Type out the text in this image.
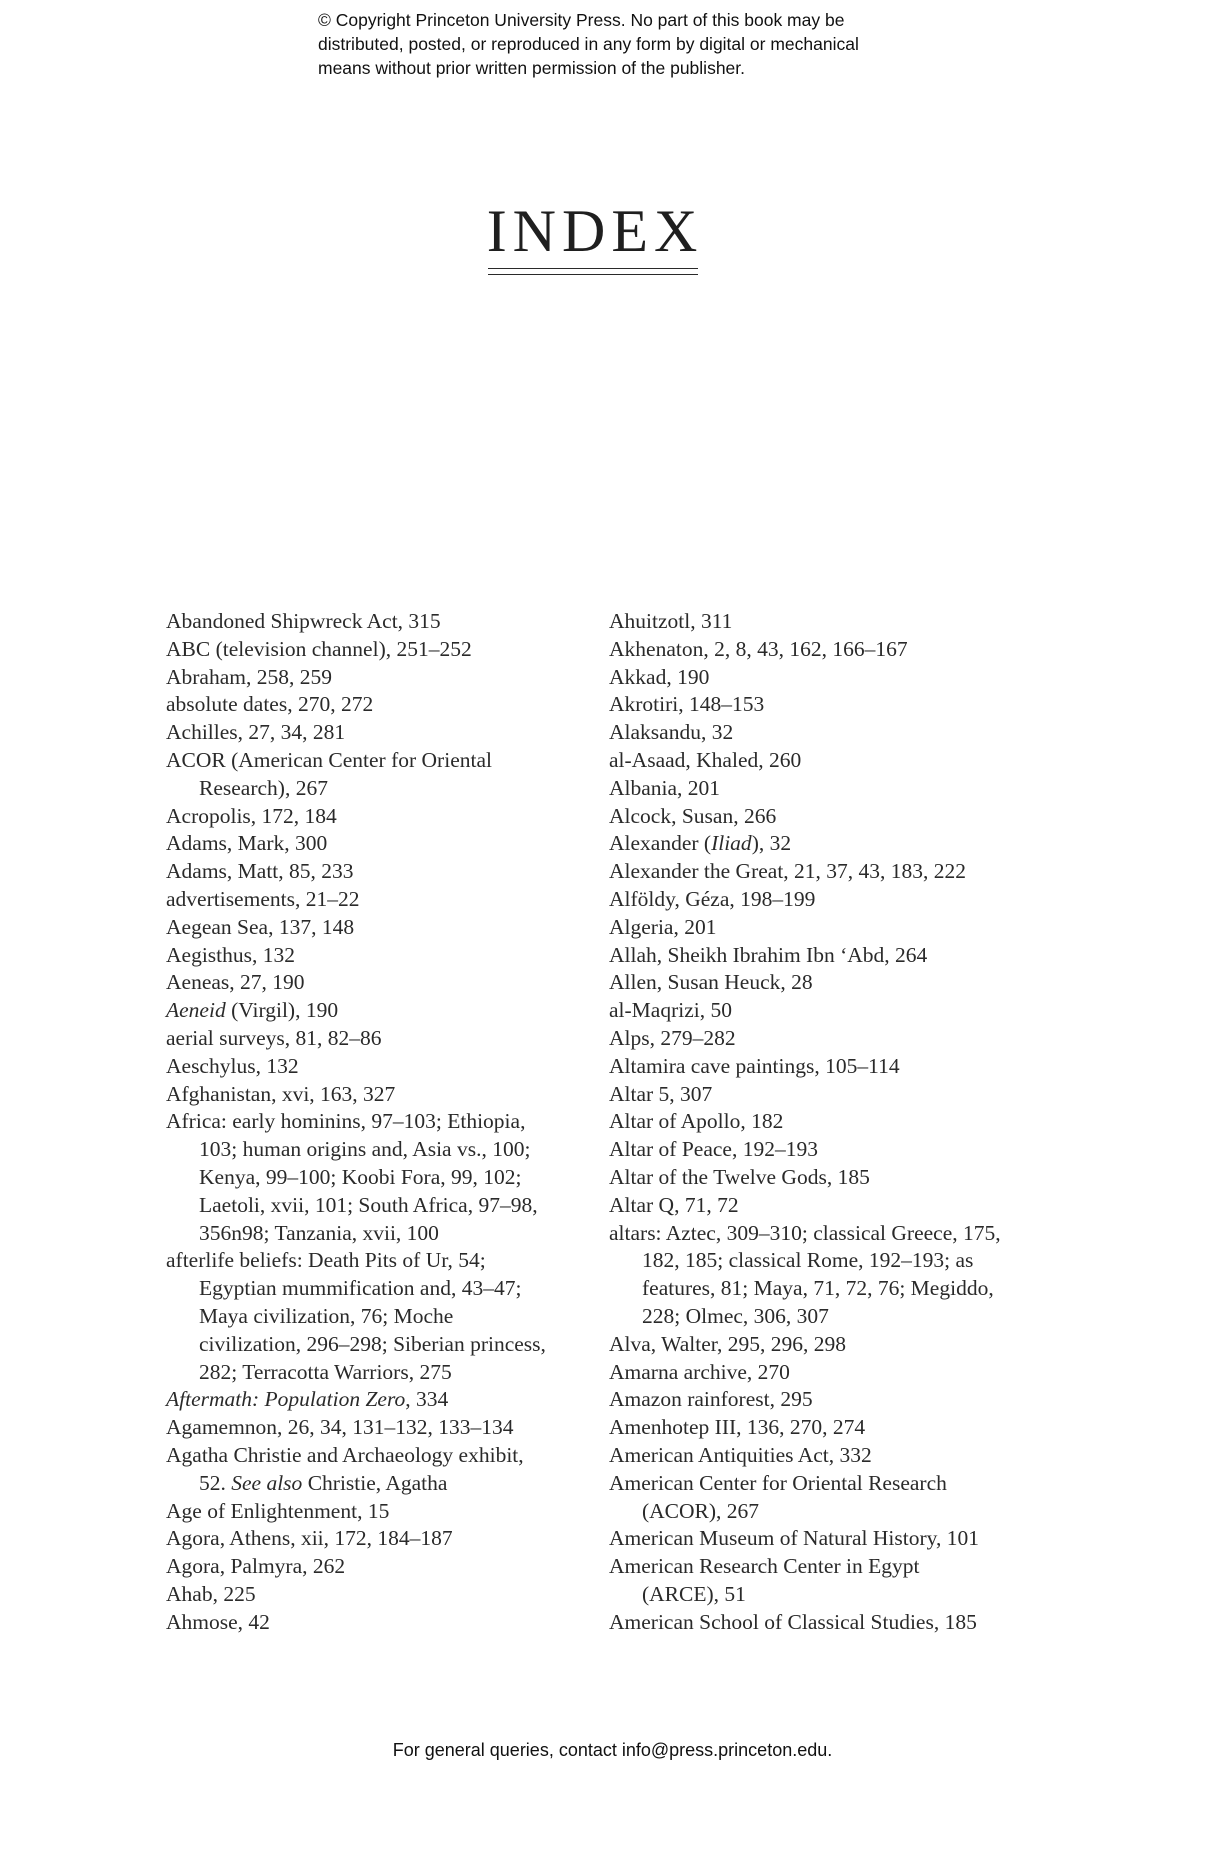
© Copyright Princeton University Press. No part of this book may be
distributed, posted, or reproduced in any form by digital or mechanical
means without prior written permission of the publisher.
INDEX
Abandoned Shipwreck Act, 315
ABC (television channel), 251–252
Abraham, 258, 259
absolute dates, 270, 272
Achilles, 27, 34, 281
ACOR (American Center for Oriental
Research), 267
Acropolis, 172, 184
Adams, Mark, 300
Adams, Matt, 85, 233
advertisements, 21–22
Aegean Sea, 137, 148
Aegisthus, 132
Aeneas, 27, 190
Aeneid (Virgil), 190
aerial surveys, 81, 82–86
Aeschylus, 132
Afghanistan, xvi, 163, 327
Africa: early hominins, 97–103; Ethiopia,
103; human origins and, Asia vs., 100;
Kenya, 99–100; Koobi Fora, 99, 102;
Laetoli, xvii, 101; South Africa, 97–98,
356n98; Tanzania, xvii, 100
afterlife beliefs: Death Pits of Ur, 54;
Egyptian mummification and, 43–47;
Maya civilization, 76; Moche
civilization, 296–298; Siberian princess,
282; Terracotta Warriors, 275
Aftermath: Population Zero, 334
Agamemnon, 26, 34, 131–132, 133–134
Agatha Christie and Archaeology exhibit,
52. See also Christie, Agatha
Age of Enlightenment, 15
Agora, Athens, xii, 172, 184–187
Agora, Palmyra, 262
Ahab, 225
Ahmose, 42
Ahuitzotl, 311
Akhenaton, 2, 8, 43, 162, 166–167
Akkad, 190
Akrotiri, 148–153
Alaksandu, 32
al-Asaad, Khaled, 260
Albania, 201
Alcock, Susan, 266
Alexander (Iliad), 32
Alexander the Great, 21, 37, 43, 183, 222
Alföldy, Géza, 198–199
Algeria, 201
Allah, Sheikh Ibrahim Ibn ‘Abd, 264
Allen, Susan Heuck, 28
al-Maqrizi, 50
Alps, 279–282
Altamira cave paintings, 105–114
Altar 5, 307
Altar of Apollo, 182
Altar of Peace, 192–193
Altar of the Twelve Gods, 185
Altar Q, 71, 72
altars: Aztec, 309–310; classical Greece, 175,
182, 185; classical Rome, 192–193; as
features, 81; Maya, 71, 72, 76; Megiddo,
228; Olmec, 306, 307
Alva, Walter, 295, 296, 298
Amarna archive, 270
Amazon rainforest, 295
Amenhotep III, 136, 270, 274
American Antiquities Act, 332
American Center for Oriental Research
(ACOR), 267
American Museum of Natural History, 101
American Research Center in Egypt
(ARCE), 51
American School of Classical Studies, 185
For general queries, contact info@press.princeton.edu.
